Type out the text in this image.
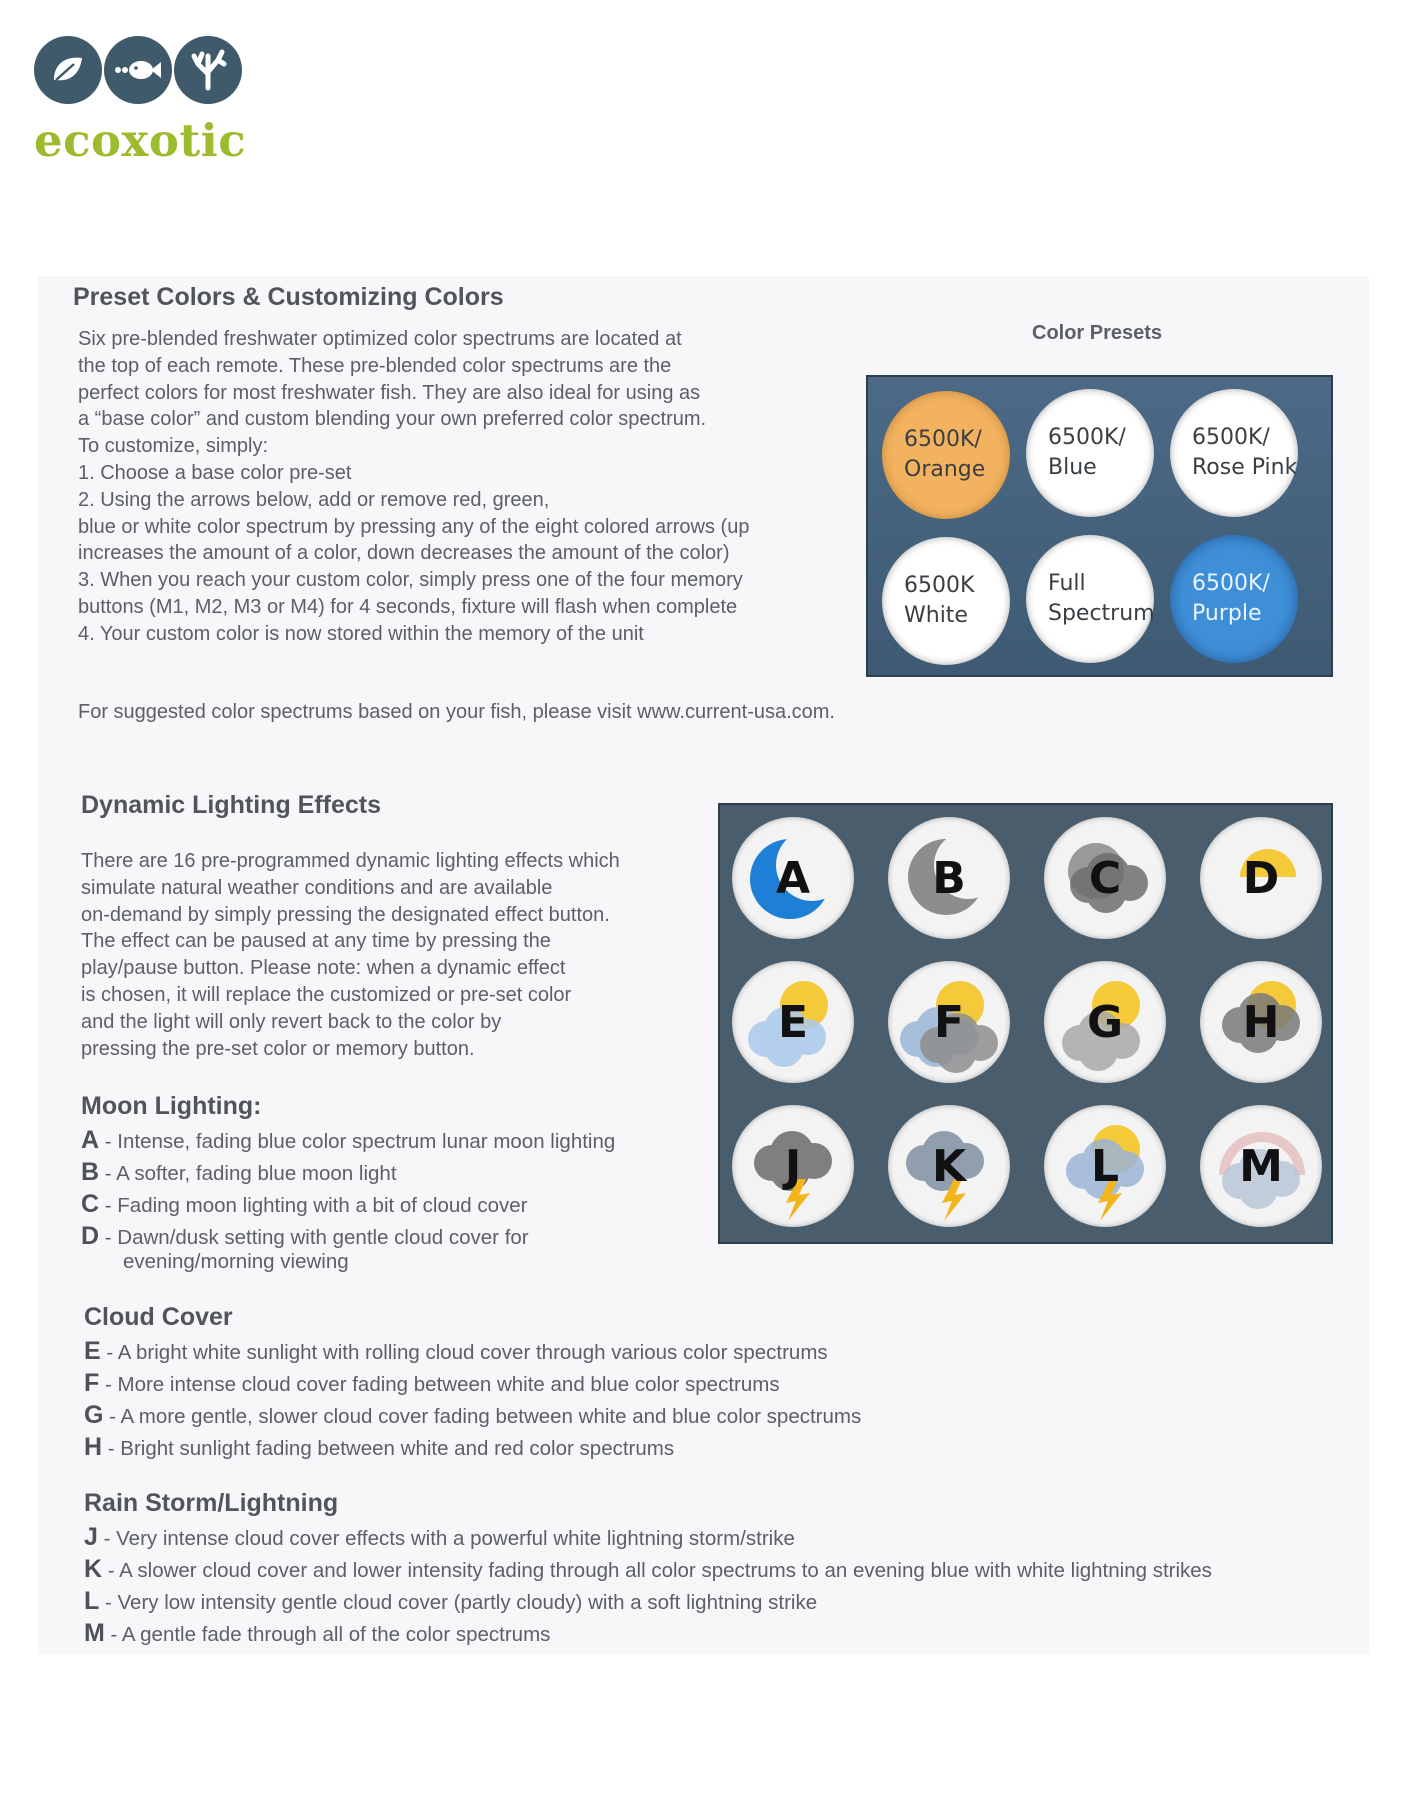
ecoxotic
Preset Colors & Customizing Colors
Six pre-blended freshwater optimized color spectrums are located at
the top of each remote. These pre-blended color spectrums are the
perfect colors for most freshwater fish. They are also ideal for using as
a “base color” and custom blending your own preferred color spectrum.
To customize, simply:
1. Choose a base color pre-set
2. Using the arrows below, add or remove red, green,
blue or white color spectrum by pressing any of the eight colored arrows (up
increases the amount of a color, down decreases the amount of the color)
3. When you reach your custom color, simply press one of the four memory
buttons (M1, M2, M3 or M4) for 4 seconds, fixture will flash when complete
4. Your custom color is now stored within the memory of the unit
For suggested color spectrums based on your fish, please visit www.current-usa.com.
Color Presets
6500K/
Orange
6500K/
Blue
6500K/
Rose Pink
6500K
White
Full
Spectrum
6500K/
Purple
Dynamic Lighting Effects
There are 16 pre-programmed dynamic lighting effects which
simulate natural weather conditions and are available
on-demand by simply pressing the designated effect button.
The effect can be paused at any time by pressing the
play/pause button. Please note: when a dynamic effect
is chosen, it will replace the customized or pre-set color
and the light will only revert back to the color by
pressing the pre-set color or memory button.
A	B	C	D
E	F	G	H
J	K	L	M
Moon Lighting:
A - Intense, fading blue color spectrum lunar moon lighting
B - A softer, fading blue moon light
C - Fading moon lighting with a bit of cloud cover
D - Dawn/dusk setting with gentle cloud cover for
evening/morning viewing
Cloud Cover
E - A bright white sunlight with rolling cloud cover through various color spectrums
F - More intense cloud cover fading between white and blue color spectrums
G - A more gentle, slower cloud cover fading between white and blue color spectrums
H - Bright sunlight fading between white and red color spectrums
Rain Storm/Lightning
J - Very intense cloud cover effects with a powerful white lightning storm/strike
K - A slower cloud cover and lower intensity fading through all color spectrums to an evening blue with white lightning strikes
L - Very low intensity gentle cloud cover (partly cloudy) with a soft lightning strike
M - A gentle fade through all of the color spectrums
